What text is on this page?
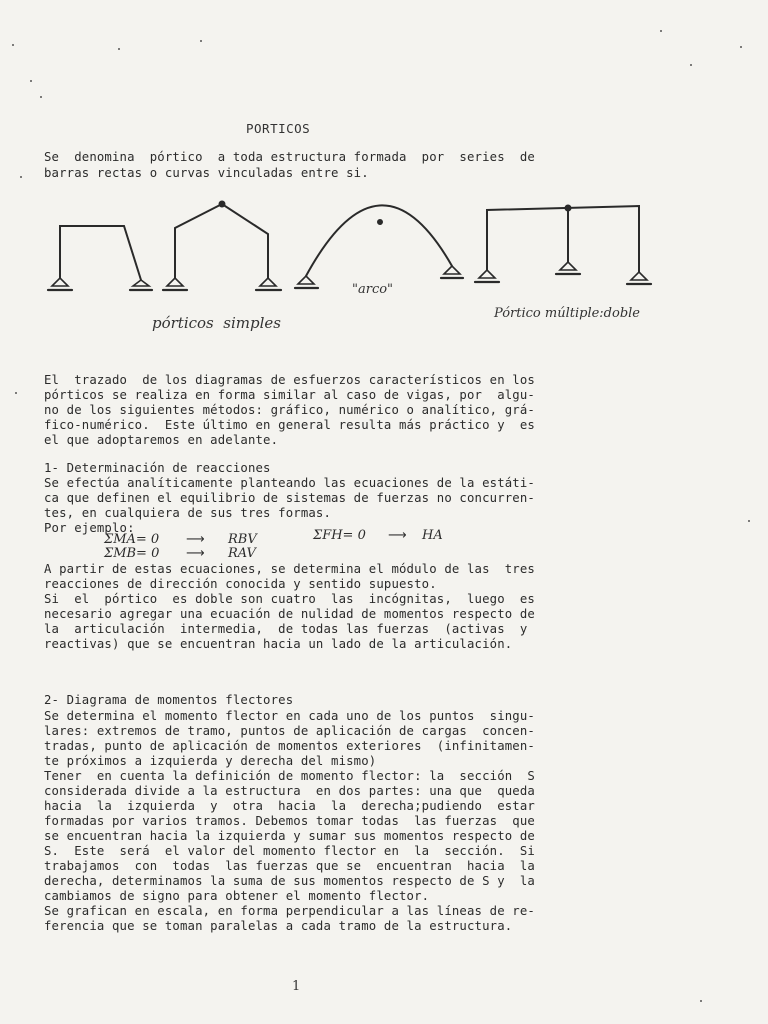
PORTICOS
Se  denomina  pórtico  a toda estructura formada  por  series  de
barras rectas o curvas vinculadas entre si.
pórticos  simples
"arco"
Pórtico múltiple:doble
El  trazado  de los diagramas de esfuerzos característicos en los
pórticos se realiza en forma similar al caso de vigas, por  algu-
no de los siguientes métodos: gráfico, numérico o analítico, grá-
fico-numérico.  Este último en general resulta más práctico y  es
el que adoptaremos en adelante.
1- Determinación de reacciones
Se efectúa analíticamente planteando las ecuaciones de la estáti-
ca que definen el equilibrio de sistemas de fuerzas no concurren-
tes, en cualquiera de sus tres formas.
Por ejemplo:
ΣMA= 0 ⟶ RBV	ΣFH= 0 ⟶ HA
ΣMB= 0 ⟶ RAV
A partir de estas ecuaciones, se determina el módulo de las  tres
reacciones de dirección conocida y sentido supuesto.
Si  el  pórtico  es doble son cuatro  las  incógnitas,  luego  es
necesario agregar una ecuación de nulidad de momentos respecto de
la  articulación  intermedia,  de todas las fuerzas  (activas  y
reactivas) que se encuentran hacia un lado de la articulación.
2- Diagrama de momentos flectores
Se determina el momento flector en cada uno de los puntos  singu-
lares: extremos de tramo, puntos de aplicación de cargas  concen-
tradas, punto de aplicación de momentos exteriores  (infinitamen-
te próximos a izquierda y derecha del mismo)
Tener  en cuenta la definición de momento flector: la  sección  S
considerada divide a la estructura  en dos partes: una que  queda
hacia  la  izquierda  y  otra  hacia  la  derecha;pudiendo  estar
formadas por varios tramos. Debemos tomar todas  las fuerzas  que
se encuentran hacia la izquierda y sumar sus momentos respecto de
S.  Este  será  el valor del momento flector en  la  sección.  Si
trabajamos  con  todas  las fuerzas que se  encuentran  hacia  la
derecha, determinamos la suma de sus momentos respecto de S y  la
cambiamos de signo para obtener el momento flector.
Se grafican en escala, en forma perpendicular a las líneas de re-
ferencia que se toman paralelas a cada tramo de la estructura.
1
